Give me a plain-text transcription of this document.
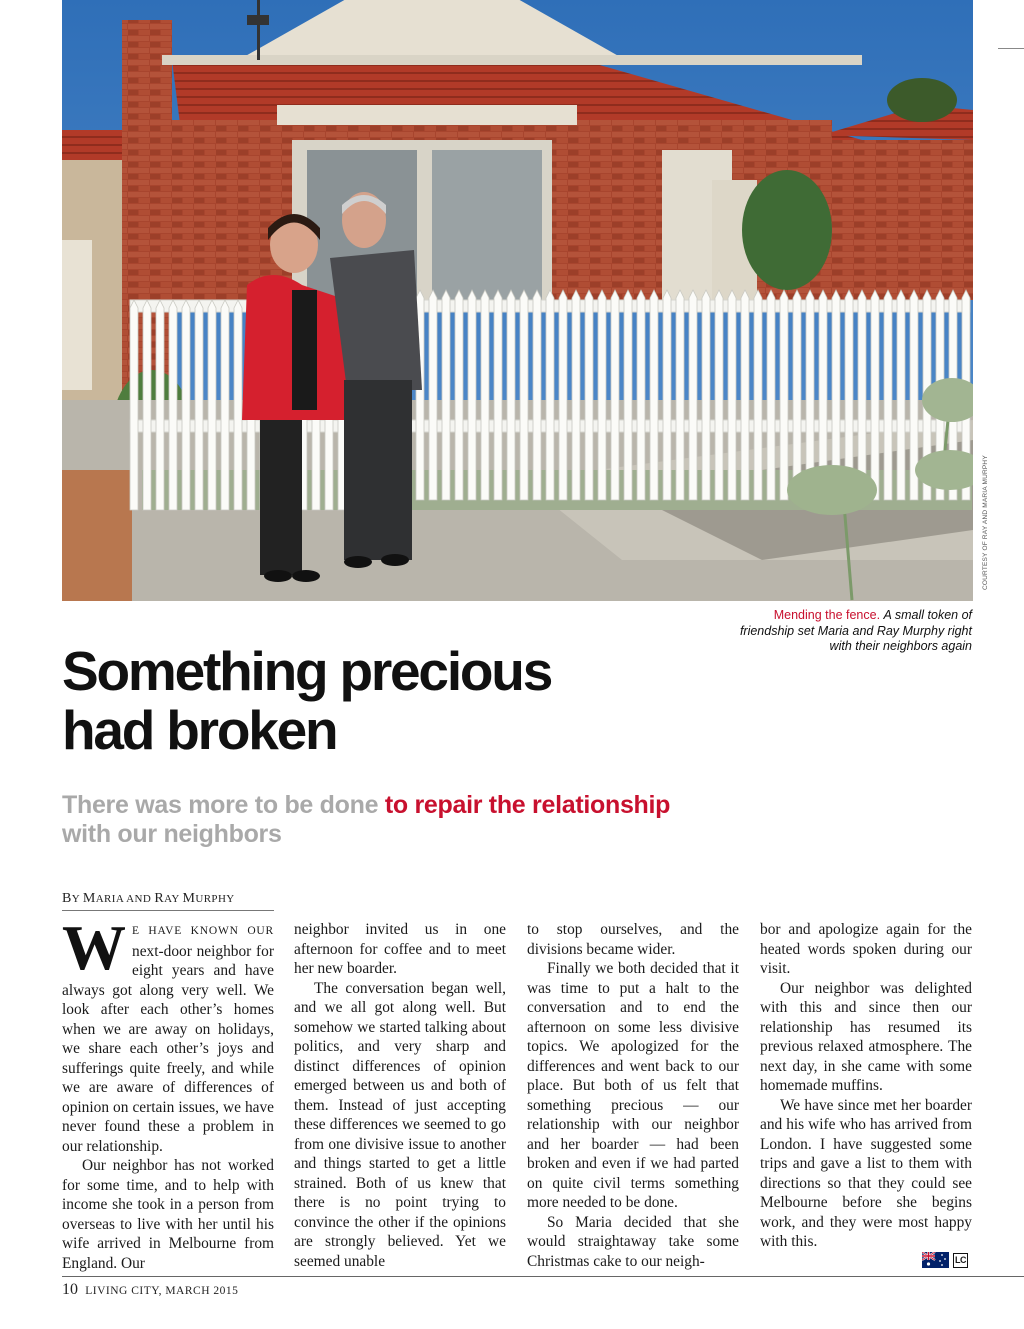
COURTESY OF RAY AND MARIA MURPHY
Mending the fence. A small token of friendship set Maria and Ray Murphy right with their neighbors again
Something precious
had broken
There was more to be done to repair the relationship with our neighbors
BY MARIA AND RAY MURPHY

WE HAVE KNOWN OUR next-door neighbor for eight years and have always got along very well. We look after each other’s homes when we are away on holidays, we share each other’s joys and sufferings quite freely, and while we are aware of differences of opinion on certain issues, we have never found these a problem in our relationship.

Our neighbor has not worked for some time, and to help with income she took in a person from overseas to live with her until his wife arrived in Melbourne from England. Our

neighbor invited us in one afternoon for coffee and to meet her new boarder.

The conversation began well, and we all got along well. But somehow we started talking about politics, and very sharp and distinct differences of opinion emerged between us and both of them. Instead of just accepting these differences we seemed to go from one divisive issue to another and things started to get a little strained. Both of us knew that there is no point trying to convince the other if the opinions are strongly believed. Yet we seemed unable

to stop ourselves, and the divisions became wider.

Finally we both decided that it was time to put a halt to the conversation and to end the afternoon on some less divisive topics. We apologized for the differences and went back to our place. But both of us felt that something precious — our relationship with our neighbor and her boarder — had been broken and even if we had parted on quite civil terms something more needed to be done.

So Maria decided that she would straightaway take some Christmas cake to our neigh-

bor and apologize again for the heated words spoken during our visit.

Our neighbor was delighted with this and since then our relationship has resumed its previous relaxed atmosphere. The next day, in she came with some homemade muffins.

We have since met her boarder and his wife who has arrived from London. I have suggested some trips and gave a list to them with directions so that they could see Melbourne before she begins work, and they were most happy with this.

LC
10 LIVING CITY, MARCH 2015
